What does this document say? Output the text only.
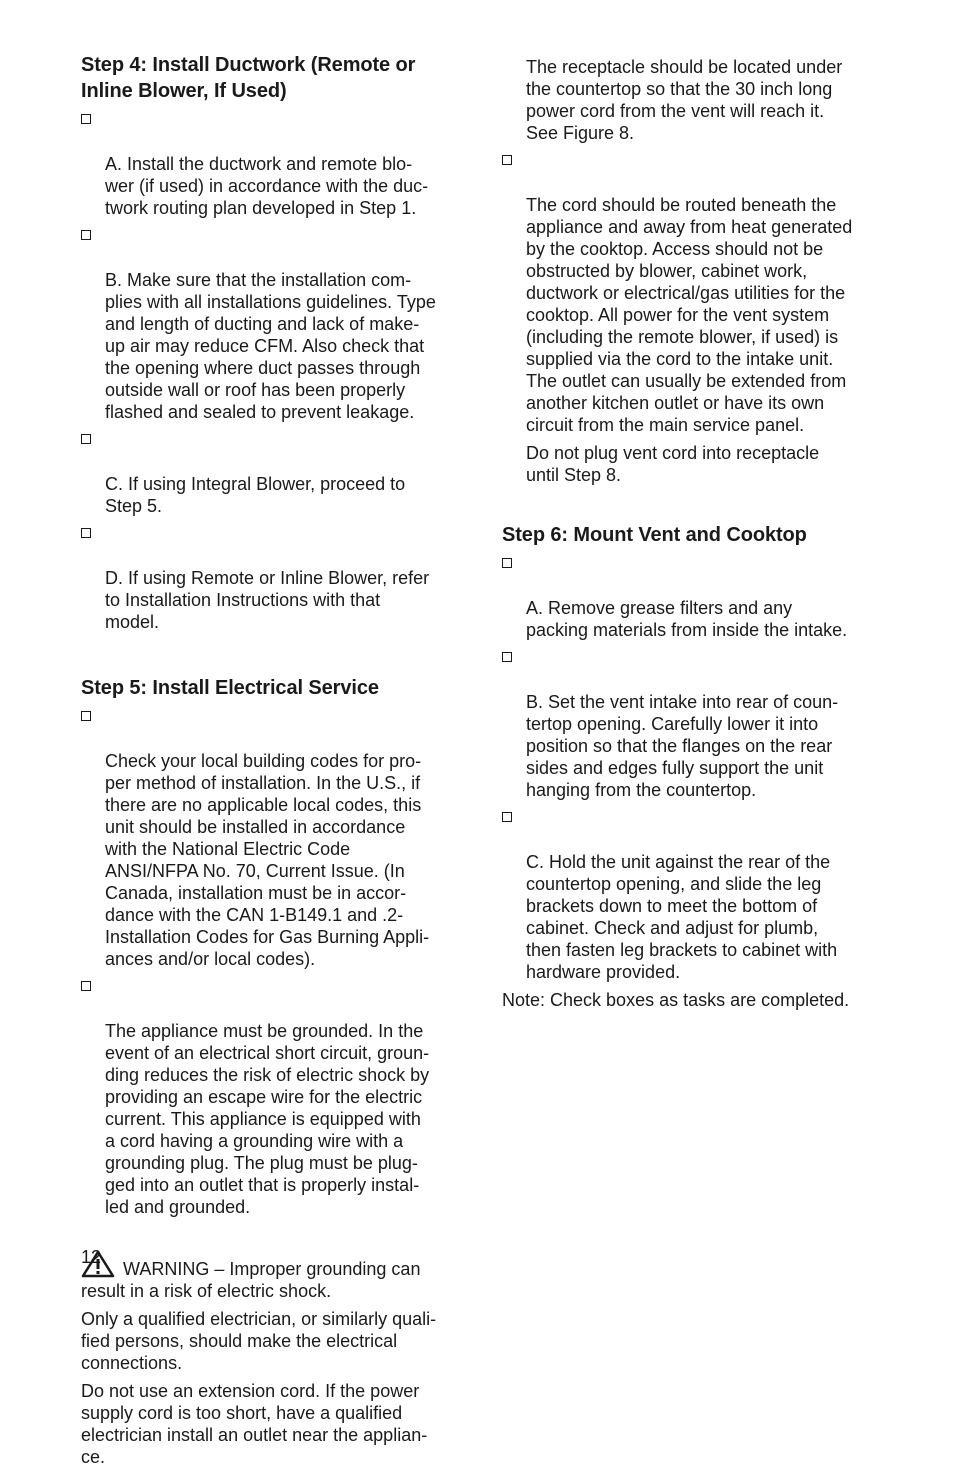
Step 4: Install Ductwork (Remote or
Inline Blower, If Used)

A. Install the ductwork and remote blo-
wer (if used) in accordance with the duc-
twork routing plan developed in Step 1.

B. Make sure that the installation com-
plies with all installations guidelines. Type
and length of ducting and lack of make-
up air may reduce CFM. Also check that
the opening where duct passes through
outside wall or roof has been properly
flashed and sealed to prevent leakage.

C. If using Integral Blower, proceed to
Step 5.

D. If using Remote or Inline Blower, refer
to Installation Instructions with that
model.

Step 5: Install Electrical Service

Check your local building codes for pro-
per method of installation. In the U.S., if
there are no applicable local codes, this
unit should be installed in accordance
with the National Electric Code
ANSI/NFPA No. 70, Current Issue. (In
Canada, installation must be in accor-
dance with the CAN 1-B149.1 and .2-
Installation Codes for Gas Burning Appli-
ances and/or local codes).

The appliance must be grounded. In the
event of an electrical short circuit, groun-
ding reduces the risk of electric shock by
providing an escape wire for the electric
current. This appliance is equipped with
a cord having a grounding wire with a
grounding plug. The plug must be plug-
ged into an outlet that is properly instal-
led and grounded.

WARNING – Improper grounding can
result in a risk of electric shock.

Only a qualified electrician, or similarly quali-
fied persons, should make the electrical
connections.
Do not use an extension cord. If the power
supply cord is too short, have a qualified
electrician install an outlet near the applian-
ce.
The receptacle should be located under
the countertop so that the 30 inch long
power cord from the vent will reach it.
See Figure 8.

The cord should be routed beneath the
appliance and away from heat generated
by the cooktop. Access should not be
obstructed by blower, cabinet work,
ductwork or electrical/gas utilities for the
cooktop. All power for the vent system
(including the remote blower, if used) is
supplied via the cord to the intake unit.
The outlet can usually be extended from
another kitchen outlet or have its own
circuit from the main service panel.

Do not plug vent cord into receptacle
until Step 8.
Step 6: Mount Vent and Cooktop

A. Remove grease filters and any
packing materials from inside the intake.

B. Set the vent intake into rear of coun-
tertop opening. Carefully lower it into
position so that the flanges on the rear
sides and edges fully support the unit
hanging from the countertop.

C. Hold the unit against the rear of the
countertop opening, and slide the leg
brackets down to meet the bottom of
cabinet. Check and adjust for plumb,
then fasten leg brackets to cabinet with
hardware provided.

Note: Check boxes as tasks are completed.
12
